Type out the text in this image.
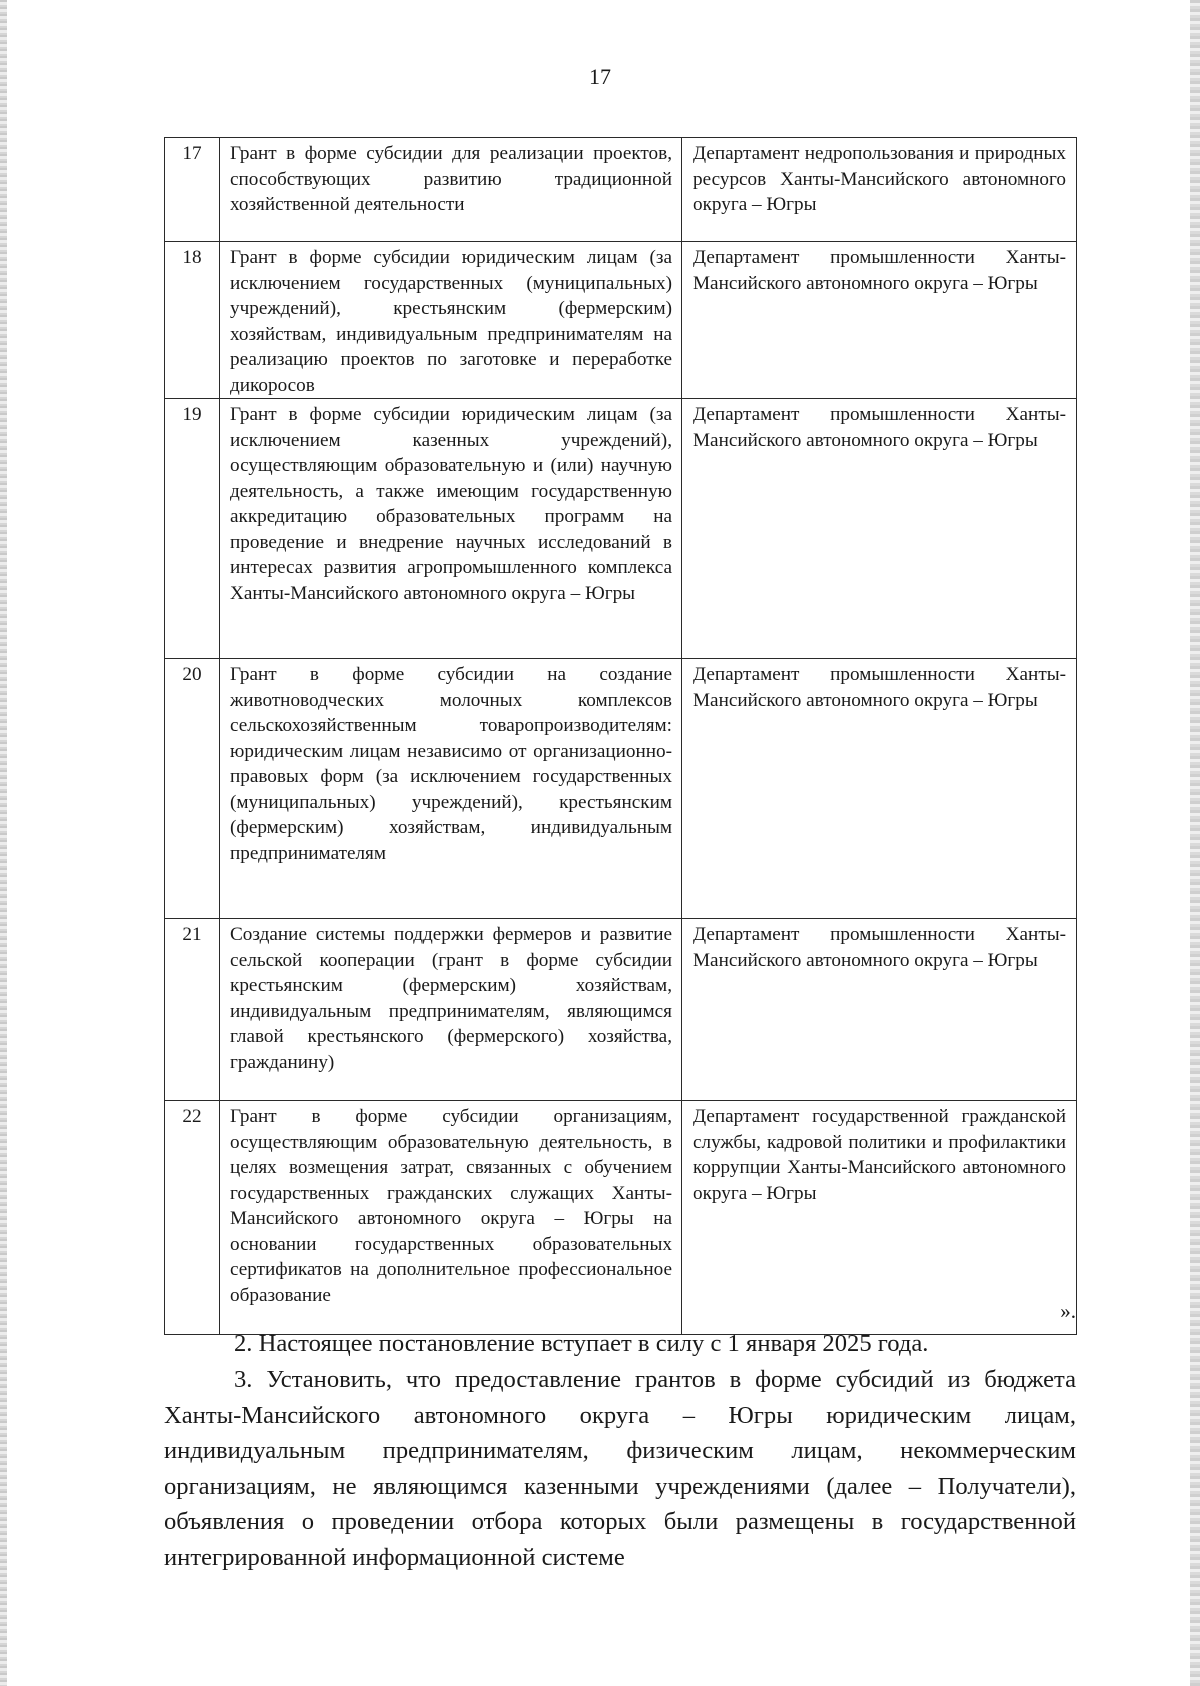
17
17	Грант в форме субсидии для реализации проектов, способствующих развитию традиционной хозяйственной деятельности	Департамент недропользования и природных ресурсов Ханты-Мансийского автономного округа – Югры
18	Грант в форме субсидии юридическим лицам (за исключением государственных (муниципальных) учреждений), крестьянским (фермерским) хозяйствам, индивидуальным предпринимателям на реализацию проектов по заготовке и переработке дикоросов	Департамент промышленности Ханты-Мансийского автономного округа – Югры
19	Грант в форме субсидии юридическим лицам (за исключением казенных учреждений), осуществляющим образовательную и (или) научную деятельность, а также имеющим государственную аккредитацию образовательных программ на проведение и внедрение научных исследований в интересах развития агропромышленного комплекса Ханты-Мансийского автономного округа – Югры	Департамент промышленности Ханты-Мансийского автономного округа – Югры
20	Грант в форме субсидии на создание животноводческих молочных комплексов сельскохозяйственным товаропроизводителям: юридическим лицам независимо от организационно-правовых форм (за исключением государственных (муниципальных) учреждений), крестьянским (фермерским) хозяйствам, индивидуальным предпринимателям	Департамент промышленности Ханты-Мансийского автономного округа – Югры
21	Создание системы поддержки фермеров и развитие сельской кооперации (грант в форме субсидии крестьянским (фермерским) хозяйствам, индивидуальным предпринимателям, являющимся главой крестьянского (фермерского) хозяйства, гражданину)	Департамент промышленности Ханты-Мансийского автономного округа – Югры
22	Грант в форме субсидии организациям, осуществляющим образовательную деятельность, в целях возмещения затрат, связанных с обучением государственных гражданских служащих Ханты-Мансийского автономного округа – Югры на основании государственных образовательных сертификатов на дополнительное профессиональное образование	Департамент государственной гражданской службы, кадровой политики и профилактики коррупции Ханты-Мансийского автономного округа – Югры
».

2. Настоящее постановление вступает в силу с 1 января 2025 года.

3. Установить, что предоставление грантов в форме субсидий из бюджета Ханты-Мансийского автономного округа – Югры юридическим лицам, индивидуальным предпринимателям, физическим лицам, некоммерческим организациям, не являющимся казенными учреждениями (далее – Получатели), объявления о проведении отбора которых были размещены в государственной интегрированной информационной системе
